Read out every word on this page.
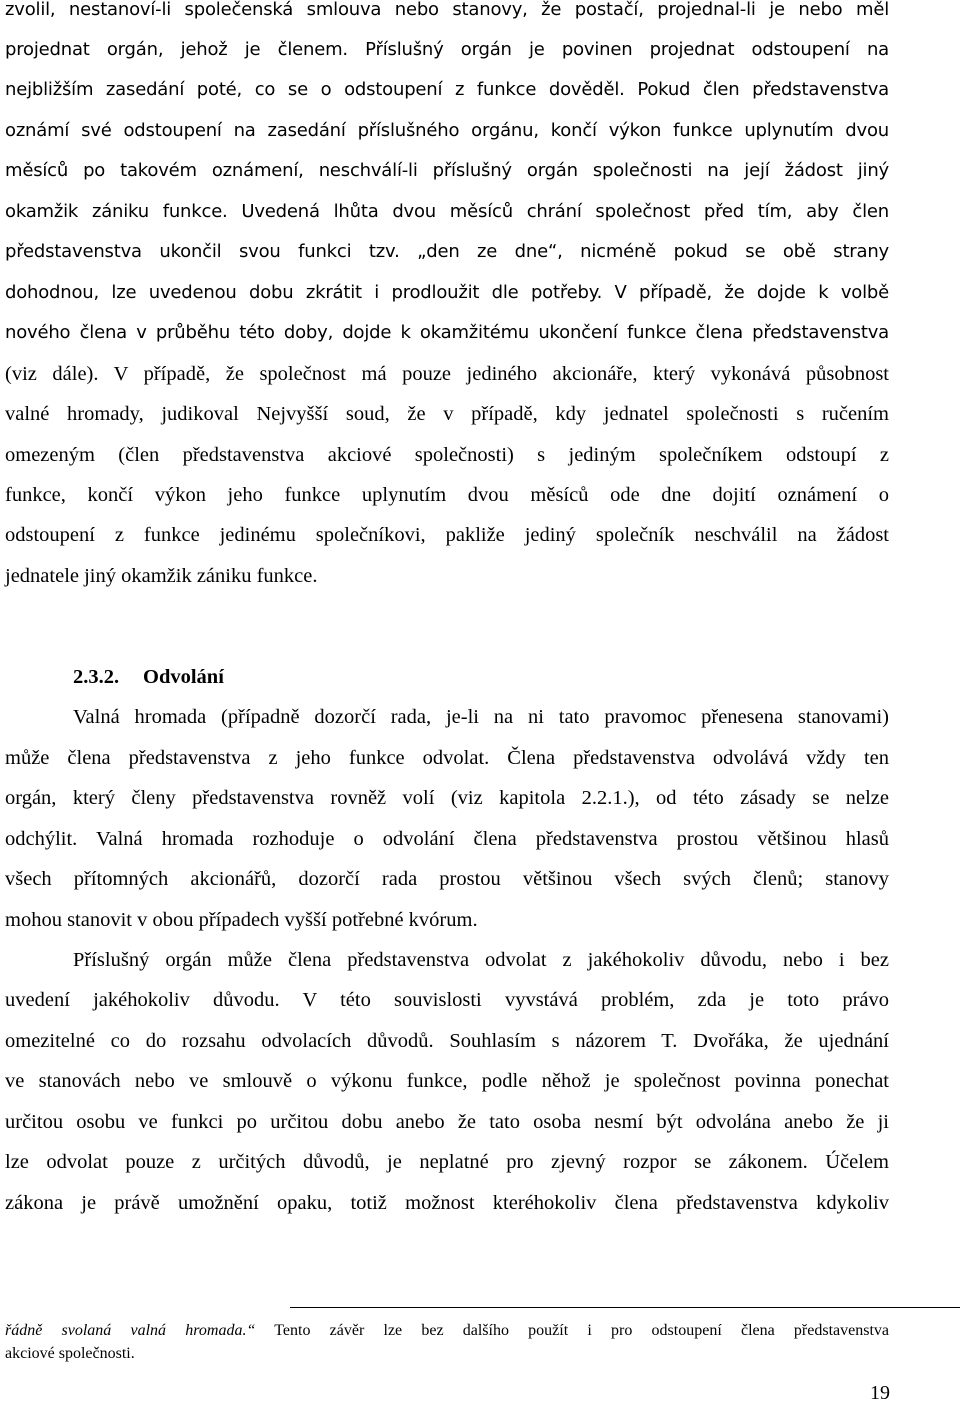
zvolil, nestanoví-li společenská smlouva nebo stanovy, že postačí, projednal-li je nebo měl
projednat orgán, jehož je členem. Příslušný orgán je povinen projednat odstoupení na
nejbližším zasedání poté, co se o odstoupení z funkce dověděl. Pokud člen představenstva
oznámí své odstoupení na zasedání příslušného orgánu, končí výkon funkce uplynutím dvou
měsíců po takovém oznámení, neschválí-li příslušný orgán společnosti na její žádost jiný
okamžik zániku funkce. Uvedená lhůta dvou měsíců chrání společnost před tím, aby člen
představenstva ukončil svou funkci tzv. „den ze dne“, nicméně pokud se obě strany
dohodnou, lze uvedenou dobu zkrátit i prodloužit dle potřeby. V případě, že dojde k volbě
nového člena v průběhu této doby, dojde k okamžitému ukončení funkce člena představenstva
(viz dále). V případě, že společnost má pouze jediného akcionáře, který vykonává působnost
valné hromady, judikoval Nejvyšší soud, že v případě, kdy jednatel společnosti s ručením
omezeným (člen představenstva akciové společnosti) s jediným společníkem odstoupí z
funkce, končí výkon jeho funkce uplynutím dvou měsíců ode dne dojití oznámení o
odstoupení z funkce jedinému společníkovi, pakliže jediný společník neschválil na žádost
jednatele jiný okamžik zániku funkce.
2.3.2. Odvolání
Valná hromada (případně dozorčí rada, je-li na ni tato pravomoc přenesena stanovami)
může člena představenstva z jeho funkce odvolat. Člena představenstva odvolává vždy ten
orgán, který členy představenstva rovněž volí (viz kapitola 2.2.1.), od této zásady se nelze
odchýlit. Valná hromada rozhoduje o odvolání člena představenstva prostou většinou hlasů
všech přítomných akcionářů, dozorčí rada prostou většinou všech svých členů; stanovy
mohou stanovit v obou případech vyšší potřebné kvórum.
Příslušný orgán může člena představenstva odvolat z jakéhokoliv důvodu, nebo i bez
uvedení jakéhokoliv důvodu. V této souvislosti vyvstává problém, zda je toto právo
omezitelné co do rozsahu odvolacích důvodů. Souhlasím s názorem T. Dvořáka, že ujednání
ve stanovách nebo ve smlouvě o výkonu funkce, podle něhož je společnost povinna ponechat
určitou osobu ve funkci po určitou dobu anebo že tato osoba nesmí být odvolána anebo že ji
lze odvolat pouze z určitých důvodů, je neplatné pro zjevný rozpor se zákonem. Účelem
zákona je právě umožnění opaku, totiž možnost kteréhokoliv člena představenstva kdykoliv
řádně svolaná valná hromada.“ Tento závěr lze bez dalšího použít i pro odstoupení člena představenstva
akciové společnosti.
19
